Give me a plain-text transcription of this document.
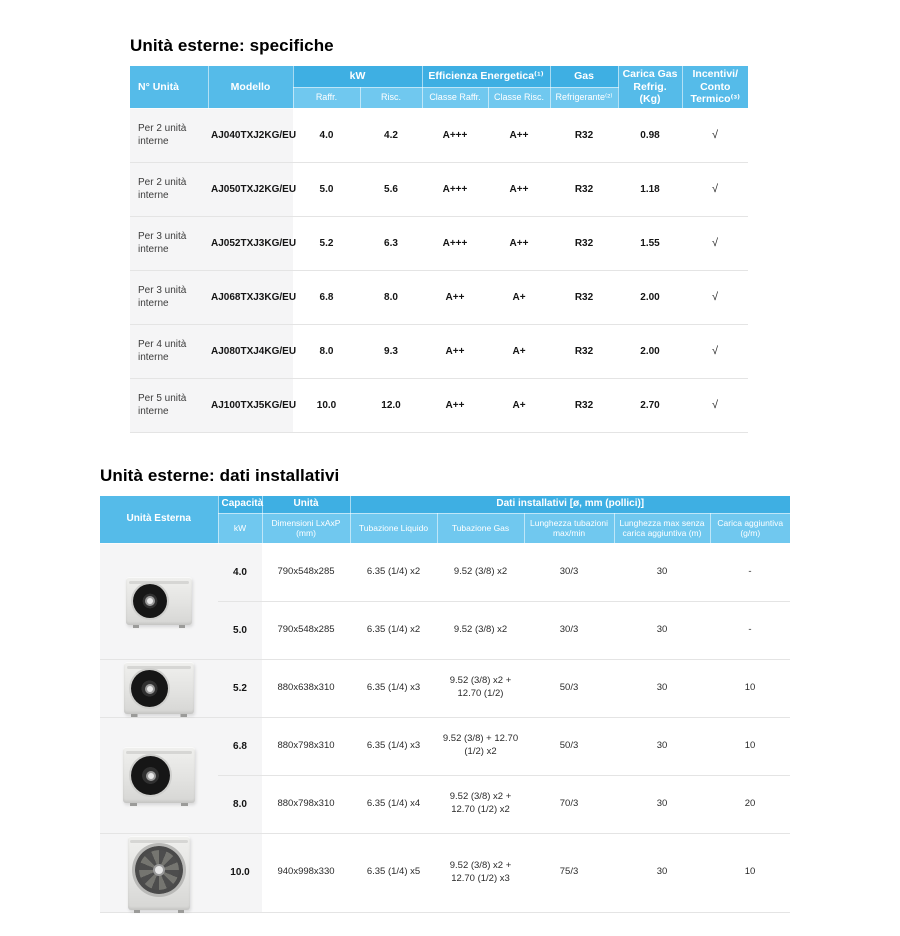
Unità esterne: specifiche
N° Unità	Modello	kW		Efficienza Energetica⁽¹⁾		Gas	Carica Gas Refrig. (Kg)	Incentivi/ Conto Termico⁽³⁾
		Raffr.	Risc.	Classe Raffr.	Classe Risc.	Refrigerante⁽²⁾		
Per 2 unità interne	AJ040TXJ2KG/EU	4.0	4.2	A+++	A++	R32	0.98	√
Per 2 unità interne	AJ050TXJ2KG/EU	5.0	5.6	A+++	A++	R32	1.18	√
Per 3 unità interne	AJ052TXJ3KG/EU	5.2	6.3	A+++	A++	R32	1.55	√
Per 3 unità interne	AJ068TXJ3KG/EU	6.8	8.0	A++	A+	R32	2.00	√
Per 4 unità interne	AJ080TXJ4KG/EU	8.0	9.3	A++	A+	R32	2.00	√
Per 5 unità interne	AJ100TXJ5KG/EU	10.0	12.0	A++	A+	R32	2.70	√
Unità esterne: dati installativi
Unità Esterna	Capacità	Unità	Dati installativi [ø, mm (pollici)]				
	kW	Dimensioni LxAxP (mm)	Tubazione Liquido	Tubazione Gas	Lunghezza tubazioni max/min	Lunghezza max senza carica aggiuntiva (m)	Carica aggiuntiva (g/m)

	4.0	790x548x285	6.35 (1/4) x2	9.52 (3/8) x2	30/3	30	-
	5.0	790x548x285	6.35 (1/4) x2	9.52 (3/8) x2	30/3	30	-

	5.2	880x638x310	6.35 (1/4) x3	9.52 (3/8) x2 + 12.70 (1/2)	50/3	30	10

	6.8	880x798x310	6.35 (1/4) x3	9.52 (3/8) + 12.70 (1/2) x2	50/3	30	10
	8.0	880x798x310	6.35 (1/4) x4	9.52 (3/8) x2 + 12.70 (1/2) x2	70/3	30	20

	10.0	940x998x330	6.35 (1/4) x5	9.52 (3/8) x2 + 12.70 (1/2) x3	75/3	30	10
